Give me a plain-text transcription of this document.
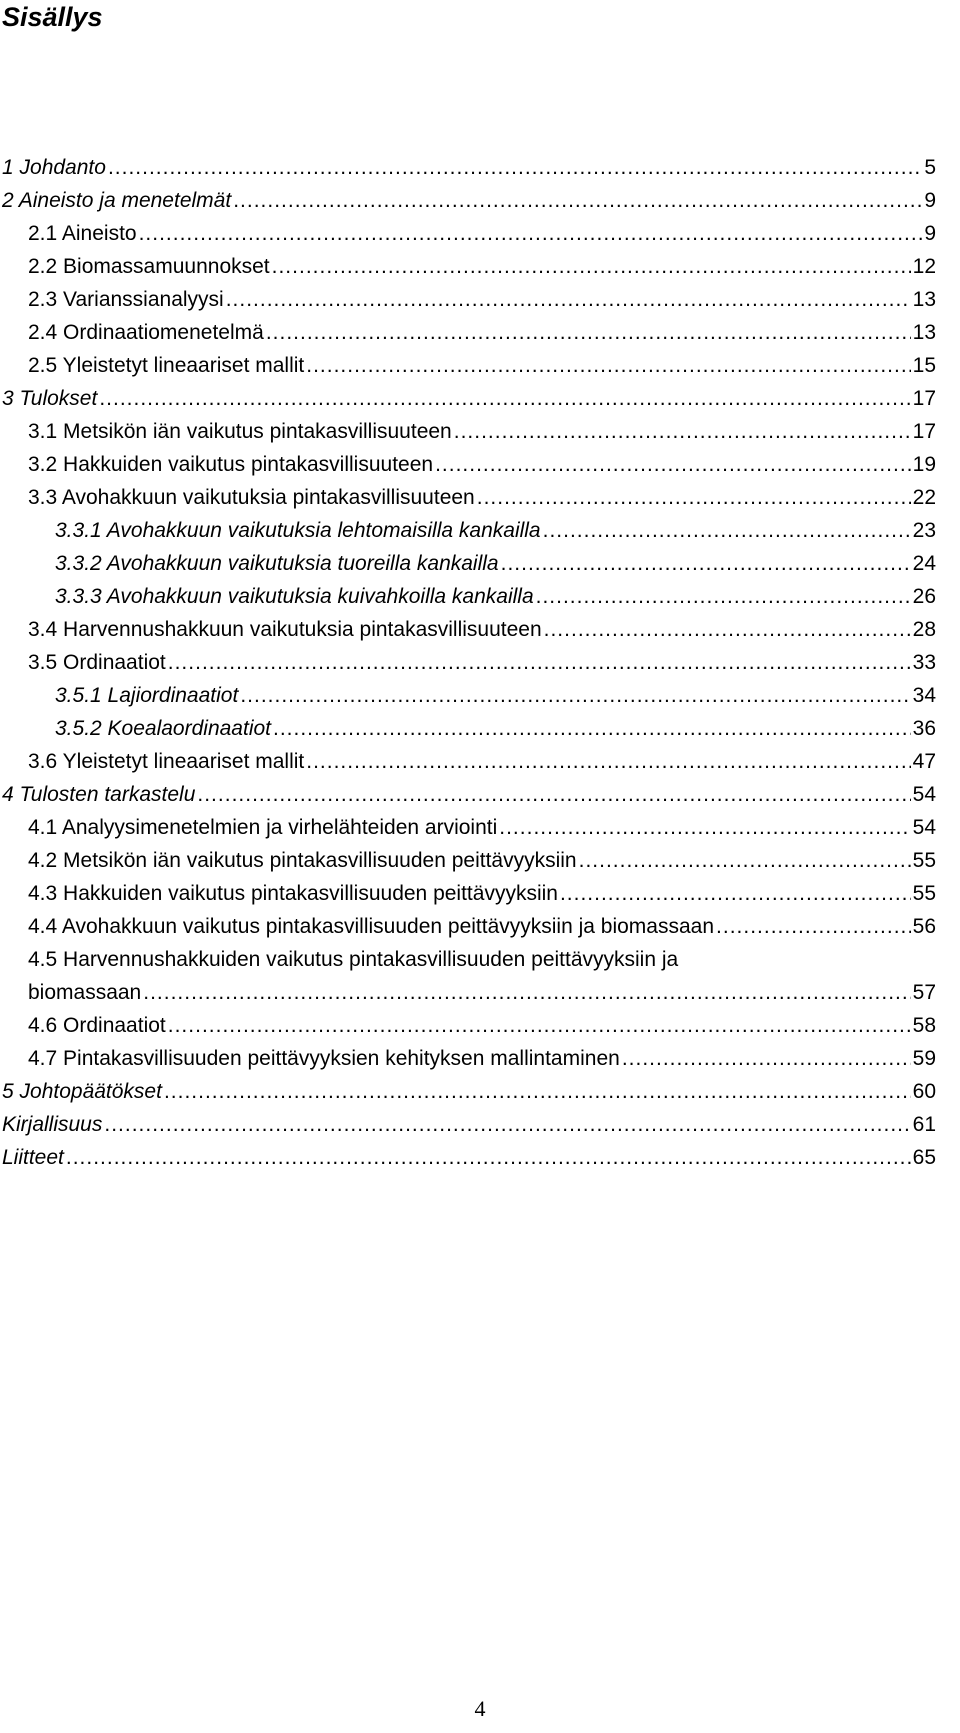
Sisällys
1 Johdanto .....	5
2 Aineisto ja menetelmät .....	9
2.1 Aineisto .....	9
2.2 Biomassamuunnokset .....	12
2.3 Varianssianalyysi .....	13
2.4 Ordinaatiomenetelmä .....	13
2.5 Yleistetyt lineaariset mallit .....	15
3 Tulokset .....	17
3.1 Metsikön iän vaikutus pintakasvillisuuteen .....	17
3.2 Hakkuiden vaikutus pintakasvillisuuteen .....	19
3.3 Avohakkuun vaikutuksia pintakasvillisuuteen .....	22
3.3.1 Avohakkuun vaikutuksia lehtomaisilla kankailla .....	23
3.3.2 Avohakkuun vaikutuksia tuoreilla kankailla .....	24
3.3.3 Avohakkuun vaikutuksia kuivahkoilla kankailla .....	26
3.4 Harvennushakkuun vaikutuksia pintakasvillisuuteen .....	28
3.5 Ordinaatiot .....	33
3.5.1 Lajiordinaatiot .....	34
3.5.2 Koealaordinaatiot .....	36
3.6 Yleistetyt lineaariset mallit .....	47
4 Tulosten tarkastelu .....	54
4.1 Analyysimenetelmien ja virhelähteiden arviointi .....	54
4.2 Metsikön iän vaikutus pintakasvillisuuden peittävyyksiin .....	55
4.3 Hakkuiden vaikutus pintakasvillisuuden peittävyyksiin .....	55
4.4 Avohakkuun vaikutus pintakasvillisuuden peittävyyksiin ja biomassaan .....	56
4.5 Harvennushakkuiden vaikutus pintakasvillisuuden peittävyyksiin ja
biomassaan .....	57
4.6 Ordinaatiot .....	58
4.7 Pintakasvillisuuden peittävyyksien kehityksen mallintaminen .....	59
5 Johtopäätökset .....	60
Kirjallisuus .....	61
Liitteet .....	65
4
